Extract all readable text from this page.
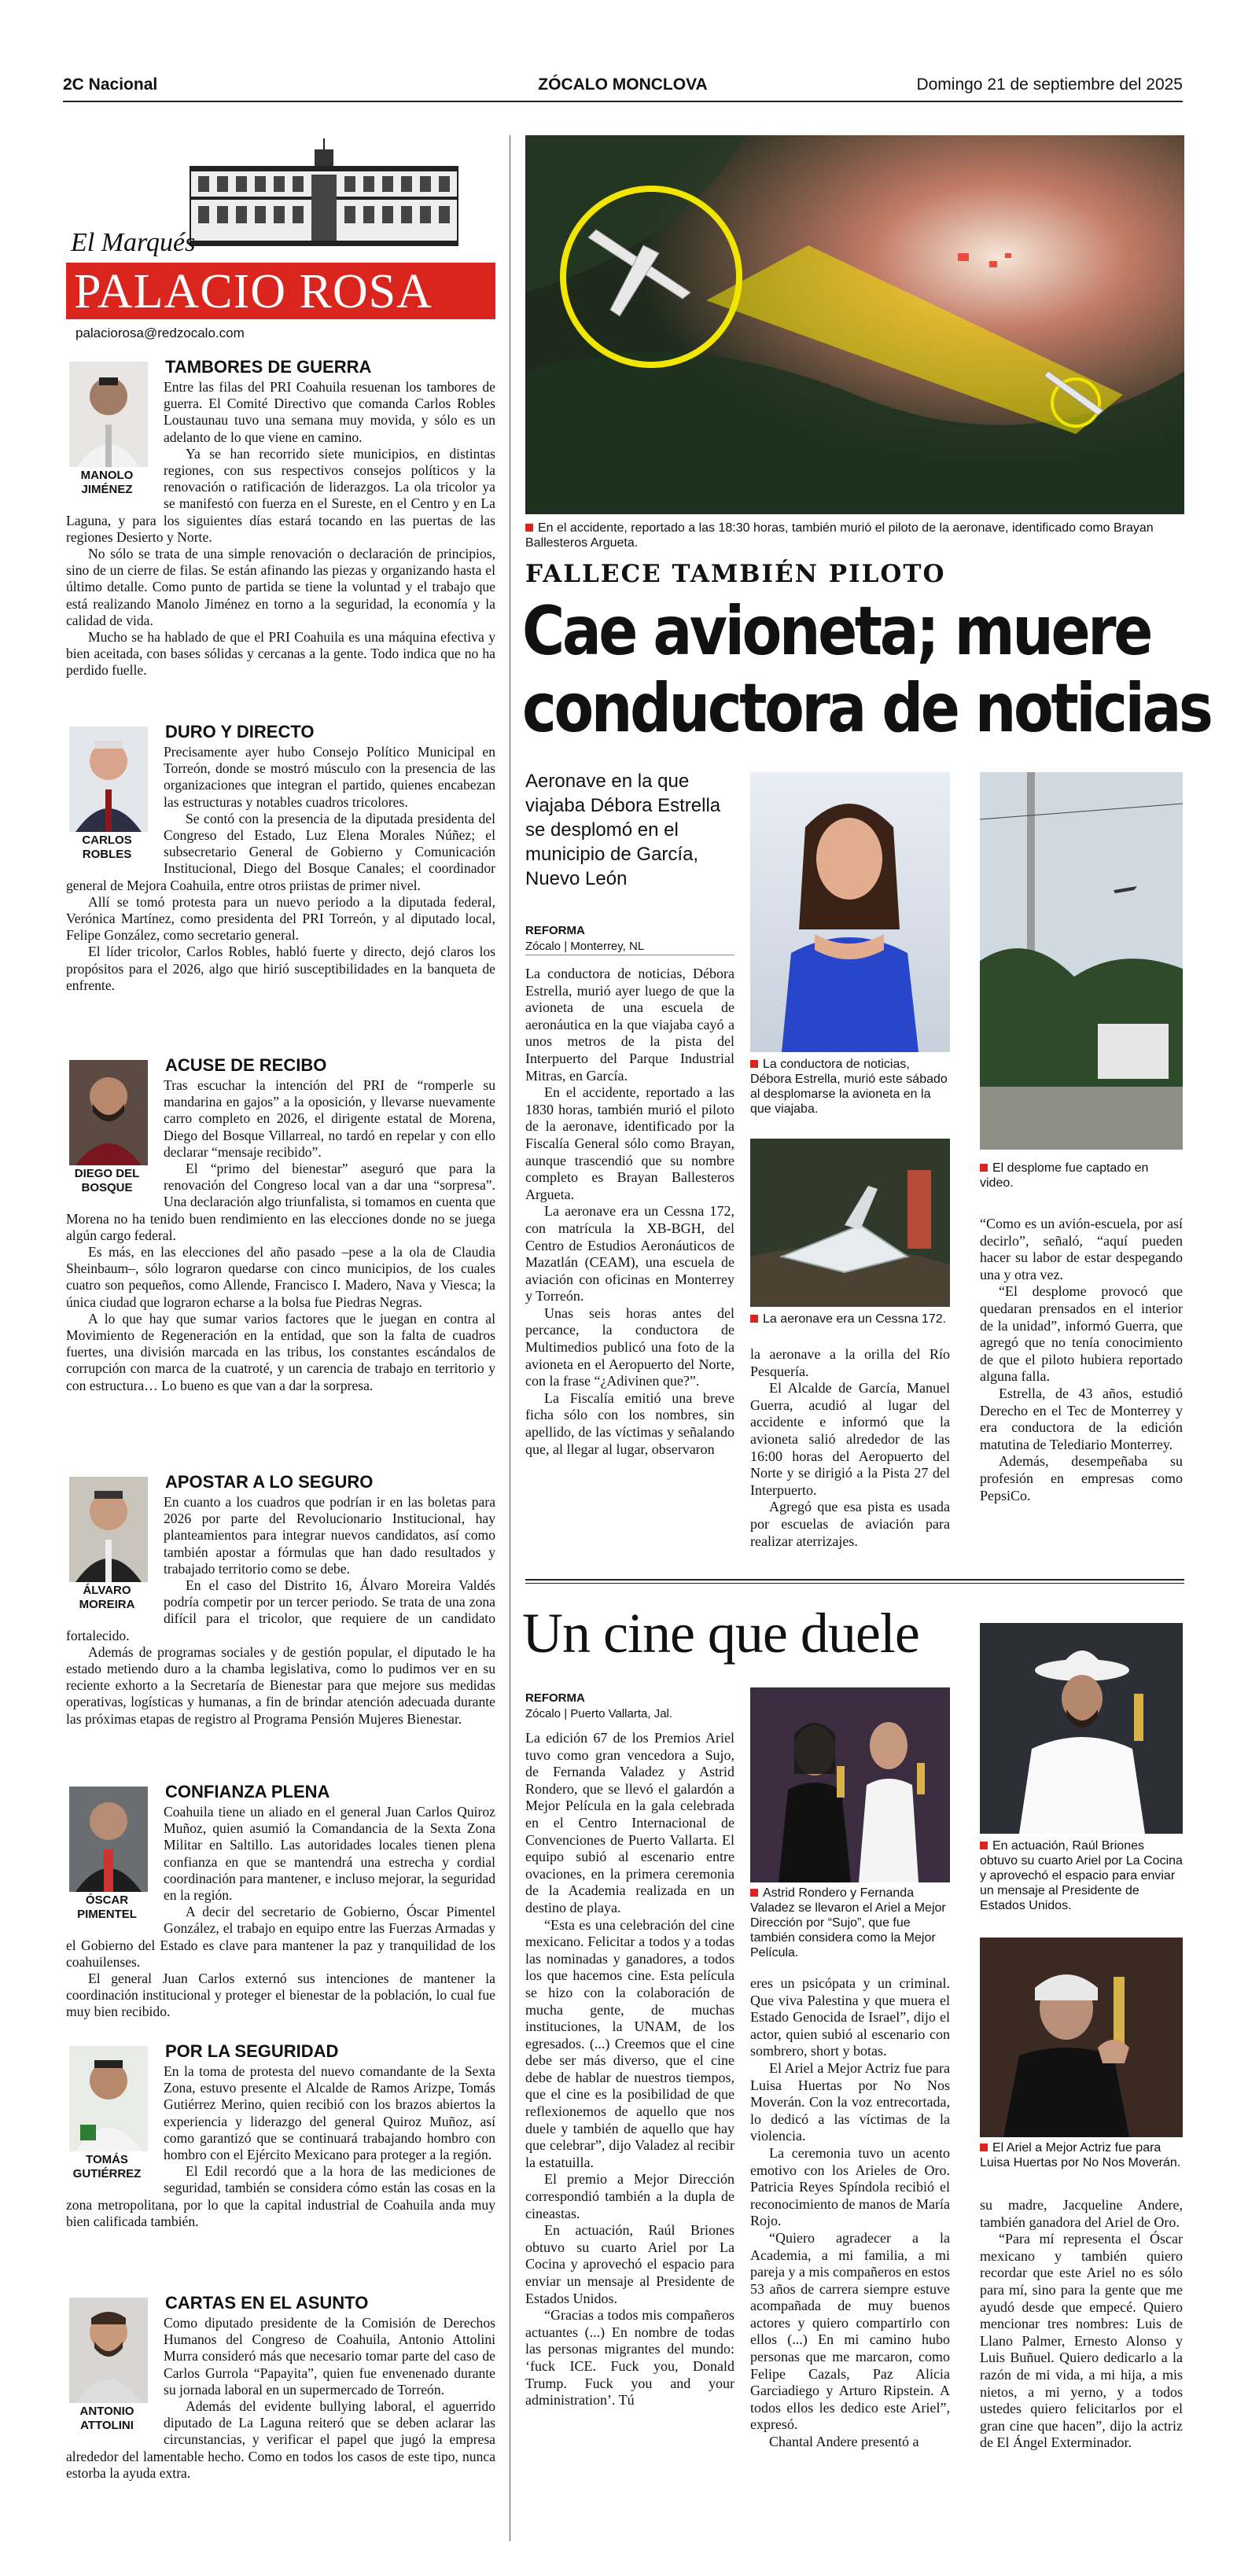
2C Nacional	ZÓCALO MONCLOVA	Domingo 21 de septiembre del 2025
El Marqués
PALACIO ROSA
palaciorosa@redzocalo.com
MANOLO JIMÉNEZ
TAMBORES DE GUERRA

Entre las filas del PRI Coahuila resuenan los tambores de guerra. El Comité Directivo que comanda Carlos Robles Loustaunau tuvo una semana muy movida, y sólo es un adelanto de lo que viene en camino.

Ya se han recorrido siete municipios, en distintas regiones, con sus respectivos consejos políticos y la renovación o ratificación de liderazgos. La ola tricolor ya se manifestó con fuerza en el Sureste, en el Centro y en La Laguna, y para los siguientes días estará tocando en las puertas de las regiones Desierto y Norte.

No sólo se trata de una simple renovación o declaración de principios, sino de un cierre de filas. Se están afinando las piezas y organizando hasta el último detalle. Como punto de partida se tiene la voluntad y el trabajo que está realizando Manolo Jiménez en torno a la seguridad, la economía y la calidad de vida.

Mucho se ha hablado de que el PRI Coahuila es una máquina efectiva y bien aceitada, con bases sólidas y cercanas a la gente. Todo indica que no ha perdido fuelle.

CARLOS ROBLES
DURO Y DIRECTO

Precisamente ayer hubo Consejo Político Municipal en Torreón, donde se mostró músculo con la presencia de las organizaciones que integran el partido, quienes encabezan las estructuras y notables cuadros tricolores.

Se contó con la presencia de la diputada presidenta del Congreso del Estado, Luz Elena Morales Núñez; el subsecretario General de Gobierno y Comunicación Institucional, Diego del Bosque Canales; el coordinador general de Mejora Coahuila, entre otros priistas de primer nivel.

Allí se tomó protesta para un nuevo periodo a la diputada federal, Verónica Martínez, como presidenta del PRI Torreón, y al diputado local, Felipe González, como secretario general.

El líder tricolor, Carlos Robles, habló fuerte y directo, dejó claros los propósitos para el 2026, algo que hirió susceptibilidades en la banqueta de enfrente.

DIEGO DEL BOSQUE
ACUSE DE RECIBO

Tras escuchar la intención del PRI de “romperle su mandarina en gajos” a la oposición, y llevarse nuevamente carro completo en 2026, el dirigente estatal de Morena, Diego del Bosque Villarreal, no tardó en repelar y con ello declarar “mensaje recibido”.

El “primo del bienestar” aseguró que para la renovación del Congreso local van a dar una “sorpresa”. Una declaración algo triunfalista, si tomamos en cuenta que Morena no ha tenido buen rendimiento en las elecciones donde no se juega algún cargo federal.

Es más, en las elecciones del año pasado –pese a la ola de Claudia Sheinbaum–, sólo lograron quedarse con cinco municipios, de los cuales cuatro son pequeños, como Allende, Francisco I. Madero, Nava y Viesca; la única ciudad que lograron echarse a la bolsa fue Piedras Negras.

A lo que hay que sumar varios factores que le juegan en contra al Movimiento de Regeneración en la entidad, que son la falta de cuadros fuertes, una división marcada en las tribus, los constantes escándalos de corrupción con marca de la cuatroté, y un carencia de trabajo en territorio y con estructura… Lo bueno es que van a dar la sorpresa.

ÁLVARO MOREIRA
APOSTAR A LO SEGURO

En cuanto a los cuadros que podrían ir en las boletas para 2026 por parte del Revolucionario Institucional, hay planteamientos para integrar nuevos candidatos, así como también apostar a fórmulas que han dado resultados y trabajado territorio como se debe.

En el caso del Distrito 16, Álvaro Moreira Valdés podría competir por un tercer periodo. Se trata de una zona difícil para el tricolor, que requiere de un candidato fortalecido.

Además de programas sociales y de gestión popular, el diputado le ha estado metiendo duro a la chamba legislativa, como lo pudimos ver en su reciente exhorto a la Secretaría de Bienestar para que mejore sus medidas operativas, logísticas y humanas, a fin de brindar atención adecuada durante las próximas etapas de registro al Programa Pensión Mujeres Bienestar.

ÓSCAR PIMENTEL
CONFIANZA PLENA

Coahuila tiene un aliado en el general Juan Carlos Quiroz Muñoz, quien asumió la Comandancia de la Sexta Zona Militar en Saltillo. Las autoridades locales tienen plena confianza en que se mantendrá una estrecha y cordial coordinación para mantener, e incluso mejorar, la seguridad en la región.

A decir del secretario de Gobierno, Óscar Pimentel González, el trabajo en equipo entre las Fuerzas Armadas y el Gobierno del Estado es clave para mantener la paz y tranquilidad de los coahuilenses.

El general Juan Carlos externó sus intenciones de mantener la coordinación institucional y proteger el bienestar de la población, lo cual fue muy bien recibido.

TOMÁS GUTIÉRREZ
POR LA SEGURIDAD

En la toma de protesta del nuevo comandante de la Sexta Zona, estuvo presente el Alcalde de Ramos Arizpe, Tomás Gutiérrez Merino, quien recibió con los brazos abiertos la experiencia y liderazgo del general Quiroz Muñoz, así como garantizó que se continuará trabajando hombro con hombro con el Ejército Mexicano para proteger a la región.

El Edil recordó que a la hora de las mediciones de seguridad, también se considera cómo están las cosas en la zona metropolitana, por lo que la capital industrial de Coahuila anda muy bien calificada también.

ANTONIO ATTOLINI
CARTAS EN EL ASUNTO

Como diputado presidente de la Comisión de Derechos Humanos del Congreso de Coahuila, Antonio Attolini Murra consideró más que necesario tomar parte del caso de Carlos Gurrola “Papayita”, quien fue envenenado durante su jornada laboral en un supermercado de Torreón.

Además del evidente bullying laboral, el aguerrido diputado de La Laguna reiteró que se deben aclarar las circunstancias, y verificar el papel que jugó la empresa alrededor del lamentable hecho. Como en todos los casos de este tipo, nunca estorba la ayuda extra.

En el accidente, reportado a las 18:30 horas, también murió el piloto de la aeronave, identificado como Brayan Ballesteros Argueta.
FALLECE TAMBIÉN PILOTO
Cae avioneta; muere
conductora de noticias
Aeronave en la que viajaba Débora Estrella se desplomó en el municipio de García, Nuevo León
REFORMA
Zócalo | Monterrey, NL

La conductora de noticias, Débora Estrella, murió ayer luego de que la avioneta de una escuela de aeronáutica en la que viajaba cayó a unos metros de la pista del Interpuerto del Parque Industrial Mitras, en García.

En el accidente, reportado a las 1830 horas, también murió el piloto de la aeronave, identificado por la Fiscalía General sólo como Brayan, aunque trascendió que su nombre completo es Brayan Ballesteros Argueta.

La aeronave era un Cessna 172, con matrícula la XB-BGH, del Centro de Estudios Aeronáuticos de Mazatlán (CEAM), una escuela de aviación con oficinas en Monterrey y Torreón.

Unas seis horas antes del percance, la conductora de Multimedios publicó una foto de la avioneta en el Aeropuerto del Norte, con la frase “¿Adivinen que?”.

La Fiscalía emitió una breve ficha sólo con los nombres, sin apellido, de las víctimas y señalando que, al llegar al lugar, observaron

La conductora de noticias, Débora Estrella, murió este sábado al desplomarse la avioneta en la que viajaba.
La aeronave era un Cessna 172.

la aeronave a la orilla del Río Pesquería.

El Alcalde de García, Manuel Guerra, acudió al lugar del accidente e informó que la avioneta salió alrededor de las 16:00 horas del Aeropuerto del Norte y se dirigió a la Pista 27 del Interpuerto.

Agregó que esa pista es usada por escuelas de aviación para realizar aterrizajes.

El desplome fue captado en video.

“Como es un avión-escuela, por así decirlo”, señaló, “aquí pueden hacer su labor de estar despegando una y otra vez.

“El desplome provocó que quedaran prensados en el interior de la unidad”, informó Guerra, que agregó que no tenía conocimiento de que el piloto hubiera reportado alguna falla.

Estrella, de 43 años, estudió Derecho en el Tec de Monterrey y era conductora de la edición matutina de Telediario Monterrey.

Además, desempeñaba su profesión en empresas como PepsiCo.

Un cine que duele
REFORMA
Zócalo | Puerto Vallarta, Jal.

La edición 67 de los Premios Ariel tuvo como gran vencedora a Sujo, de Fernanda Valadez y Astrid Rondero, que se llevó el galardón a Mejor Película en la gala celebrada en el Centro Internacional de Convenciones de Puerto Vallarta. El equipo subió al escenario entre ovaciones, en la primera ceremonia de la Academia realizada en un destino de playa.

“Esta es una celebración del cine mexicano. Felicitar a todos y a todas las nominadas y ganadores, a todos los que hacemos cine. Esta película se hizo con la colaboración de mucha gente, de muchas instituciones, la UNAM, de los egresados. (...) Creemos que el cine debe ser más diverso, que el cine debe de hablar de nuestros tiempos, que el cine es la posibilidad de que reflexionemos de aquello que nos duele y también de aquello que hay que celebrar”, dijo Valadez al recibir la estatuilla.

El premio a Mejor Dirección correspondió también a la dupla de cineastas.

En actuación, Raúl Briones obtuvo su cuarto Ariel por La Cocina y aprovechó el espacio para enviar un mensaje al Presidente de Estados Unidos.

“Gracias a todos mis compañeros actuantes (...) En nombre de todas las personas migrantes del mundo: ‘fuck ICE. Fuck you, Donald Trump. Fuck you and your administration’. Tú

Astrid Rondero y Fernanda Valadez se llevaron el Ariel a Mejor Dirección por “Sujo”, que fue también considera como la Mejor Película.

eres un psicópata y un criminal. Que viva Palestina y que muera el Estado Genocida de Israel”, dijo el actor, quien subió al escenario con sombrero, short y botas.

El Ariel a Mejor Actriz fue para Luisa Huertas por No Nos Moverán. Con la voz entrecortada, lo dedicó a las víctimas de la violencia.

La ceremonia tuvo un acento emotivo con los Arieles de Oro. Patricia Reyes Spíndola recibió el reconocimiento de manos de María Rojo.

“Quiero agradecer a la Academia, a mi familia, a mi pareja y a mis compañeros en estos 53 años de carrera siempre estuve acompañada de muy buenos actores y quiero compartirlo con ellos (...) En mi camino hubo personas que me marcaron, como Felipe Cazals, Paz Alicia Garciadiego y Arturo Ripstein. A todos ellos les dedico este Ariel”, expresó.

Chantal Andere presentó a

En actuación, Raúl Briones obtuvo su cuarto Ariel por La Cocina y aprovechó el espacio para enviar un mensaje al Presidente de Estados Unidos.
El Ariel a Mejor Actriz fue para Luisa Huertas por No Nos Moverán.

su madre, Jacqueline Andere, también ganadora del Ariel de Oro.

“Para mí representa el Óscar mexicano y también quiero recordar que este Ariel no es sólo para mí, sino para la gente que me ayudó desde que empecé. Quiero mencionar tres nombres: Luis de Llano Palmer, Ernesto Alonso y Luis Buñuel. Quiero dedicarlo a la razón de mi vida, a mi hija, a mis nietos, a mi yerno, y a todos ustedes quiero felicitarlos por el gran cine que hacen”, dijo la actriz de El Ángel Exterminador.
